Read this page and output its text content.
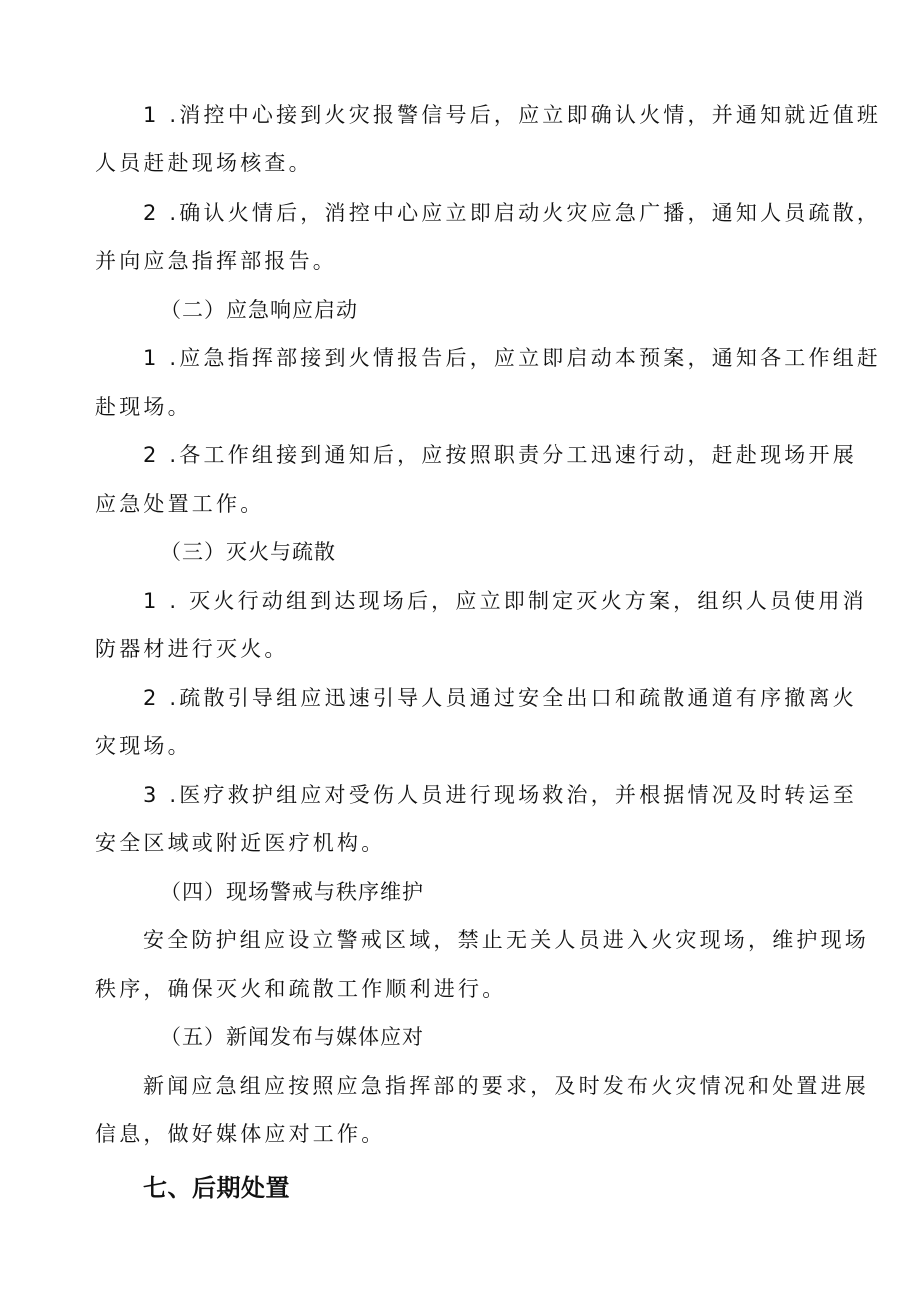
1 .消控中心接到火灾报警信号后，应立即确认火情，并通知就近值班
人员赶赴现场核查。
2 .确认火情后，消控中心应立即启动火灾应急广播，通知人员疏散，
并向应急指挥部报告。
（二）应急响应启动
1 .应急指挥部接到火情报告后，应立即启动本预案，通知各工作组赶
赴现场。
2 .各工作组接到通知后，应按照职责分工迅速行动，赶赴现场开展
应急处置工作。
（三）灭火与疏散
1 . 灭火行动组到达现场后，应立即制定灭火方案，组织人员使用消
防器材进行灭火。
2 .疏散引导组应迅速引导人员通过安全出口和疏散通道有序撤离火
灾现场。
3 .医疗救护组应对受伤人员进行现场救治，并根据情况及时转运至
安全区域或附近医疗机构。
（四）现场警戒与秩序维护
安全防护组应设立警戒区域，禁止无关人员进入火灾现场，维护现场
秩序，确保灭火和疏散工作顺利进行。
（五）新闻发布与媒体应对
新闻应急组应按照应急指挥部的要求，及时发布火灾情况和处置进展
信息，做好媒体应对工作。
七、后期处置
